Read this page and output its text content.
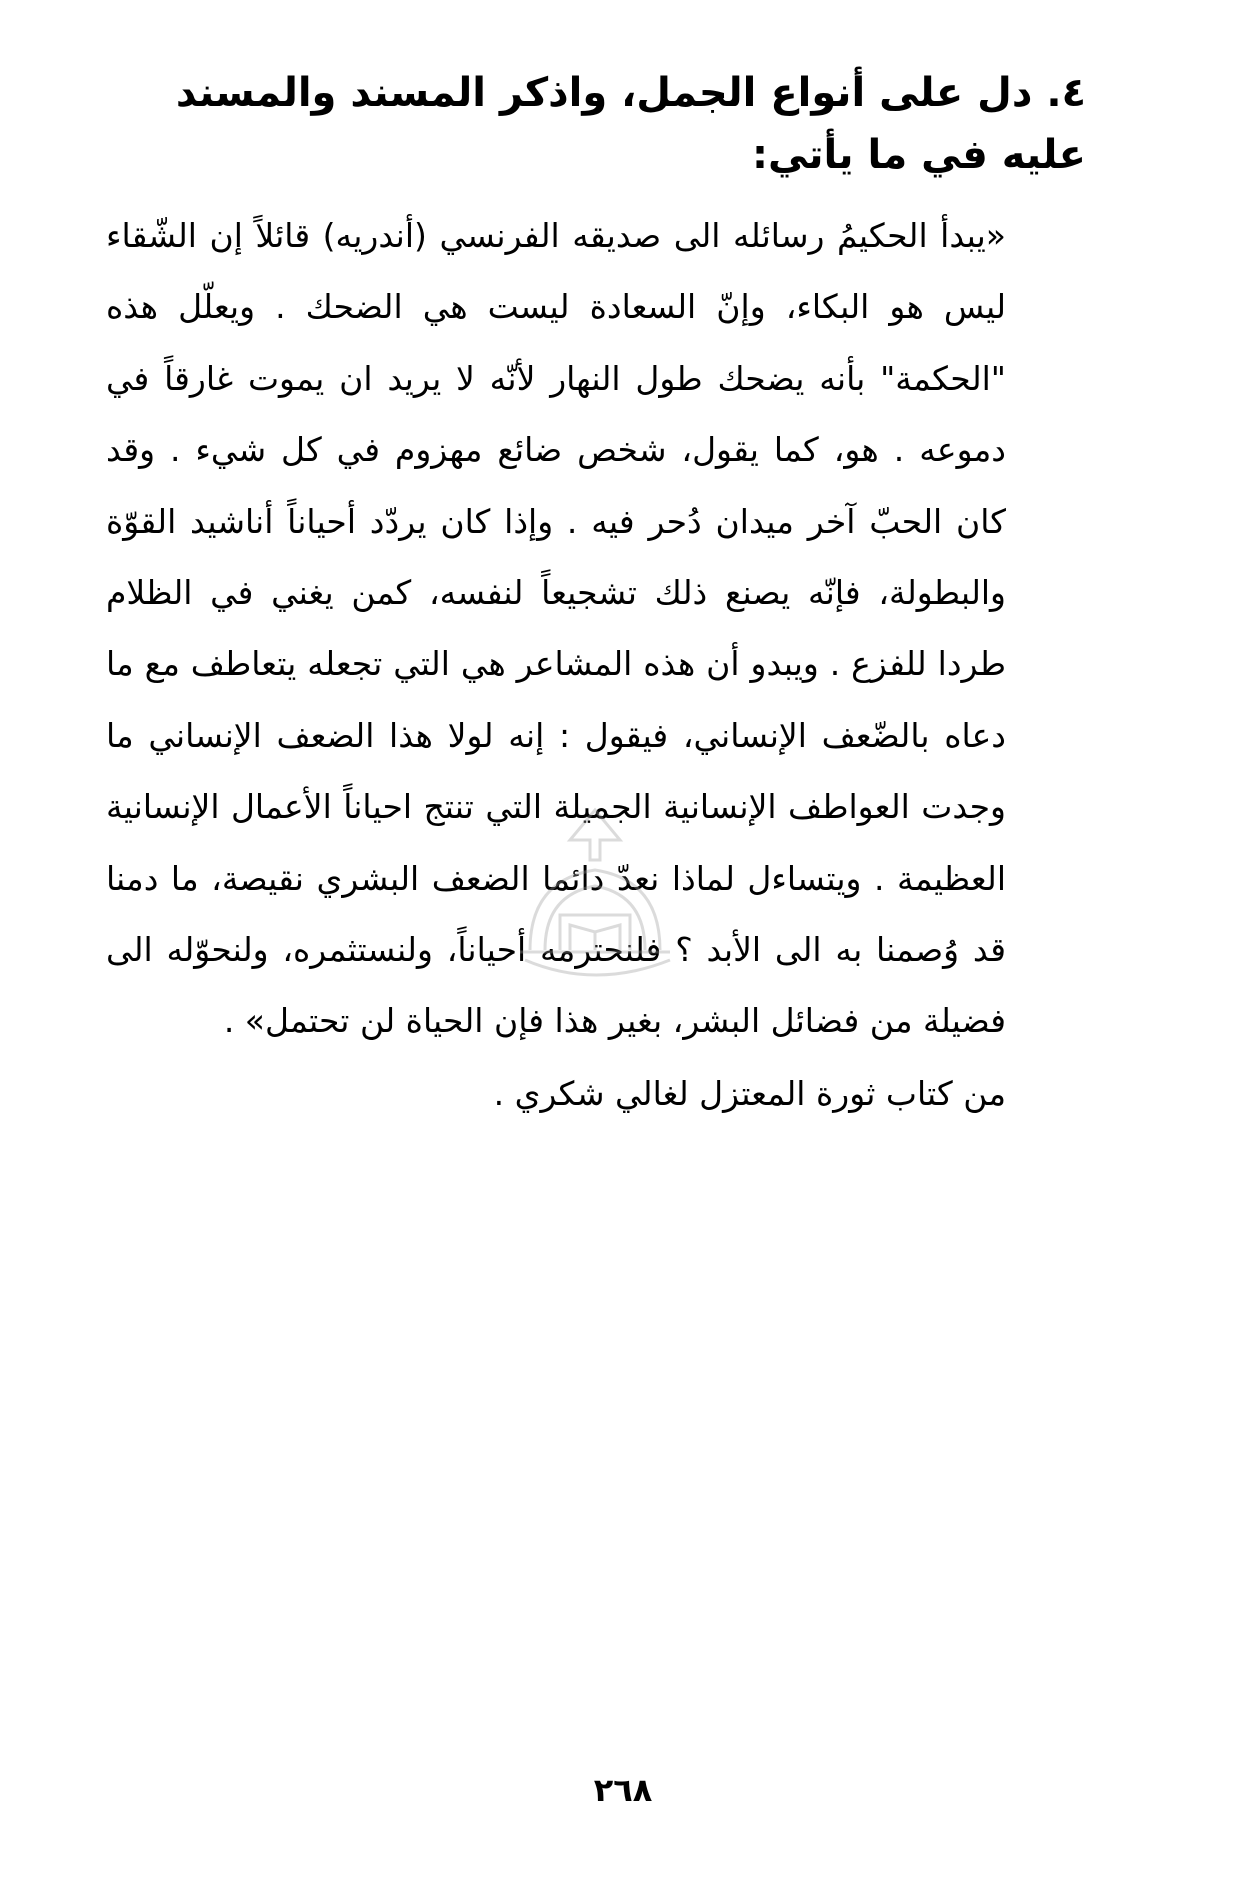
٤.دل على أنواع الجمل، واذكر المسند والمسند عليه في ما يأتي:

«يبدأ الحكيمُ رسائله الى صديقه الفرنسي (أندريه) قائلاً إن الشّقاء ليس هو البكاء، وإنّ السعادة ليست هي الضحك . ويعلّل هذه "الحكمة" بأنه يضحك طول النهار لأنّه لا يريد ان يموت غارقاً في دموعه . هو، كما يقول، شخص ضائع مهزوم في كل شيء . وقد كان الحبّ آخر ميدان دُحر فيه . وإذا كان يردّد أحياناً أناشيد القوّة والبطولة، فإنّه يصنع ذلك تشجيعاً لنفسه، كمن يغني في الظلام طردا للفزع . ويبدو أن هذه المشاعر هي التي تجعله يتعاطف مع ما دعاه بالضّعف الإنساني، فيقول : إنه لولا هذا الضعف الإنساني ما وجدت العواطف الإنسانية الجميلة التي تنتج احياناً الأعمال الإنسانية العظيمة . ويتساءل لماذا نعدّ دائما الضعف البشري نقيصة، ما دمنا قد وُصمنا به الى الأبد ؟ فلنحترمه أحياناً، ولنستثمره، ولنحوّله الى فضيلة من فضائل البشر، بغير هذا فإن الحياة لن تحتمل» .

من كتاب ثورة المعتزل لغالي شكري .

٢٦٨
